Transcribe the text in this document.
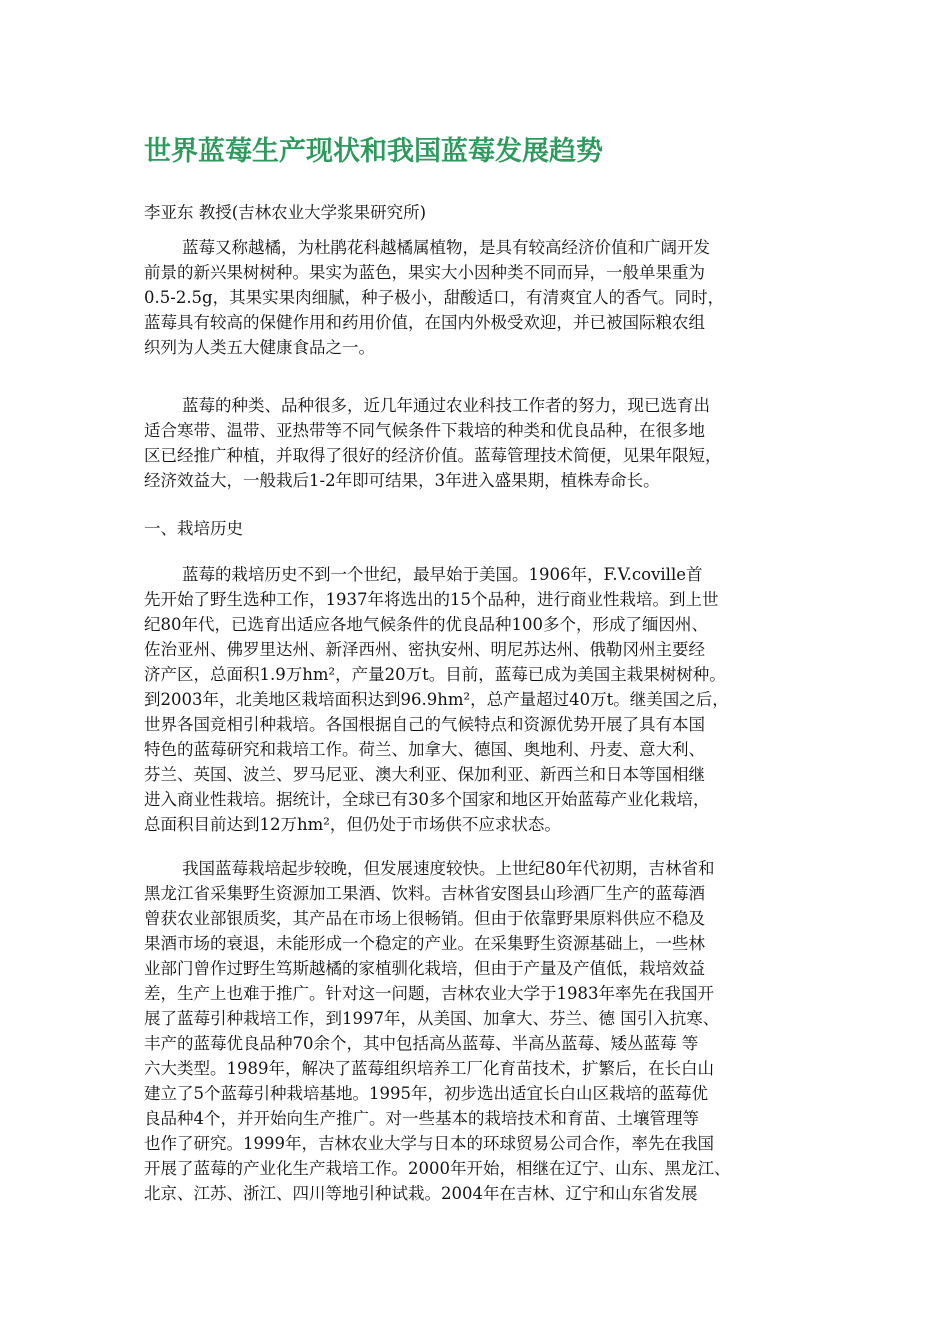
世界蓝莓生产现状和我国蓝莓发展趋势
李亚东 教授(吉林农业大学浆果研究所)
蓝莓又称越橘，为杜鹃花科越橘属植物，是具有较高经济价值和广阔开发
前景的新兴果树树种。果实为蓝色，果实大小因种类不同而异，一般单果重为
0.5-2.5g，其果实果肉细腻，种子极小，甜酸适口，有清爽宜人的香气。同时，
蓝莓具有较高的保健作用和药用价值，在国内外极受欢迎，并已被国际粮农组
织列为人类五大健康食品之一。
蓝莓的种类、品种很多，近几年通过农业科技工作者的努力，现已选育出
适合寒带、温带、亚热带等不同气候条件下栽培的种类和优良品种，在很多地
区已经推广种植，并取得了很好的经济价值。蓝莓管理技术简便，见果年限短，
经济效益大，一般栽后1-2年即可结果，3年进入盛果期，植株寿命长。
一、栽培历史
蓝莓的栽培历史不到一个世纪，最早始于美国。1906年，F.V.coville首
先开始了野生选种工作，1937年将选出的15个品种，进行商业性栽培。到上世
纪80年代，已选育出适应各地气候条件的优良品种100多个，形成了缅因州、
佐治亚州、佛罗里达州、新泽西州、密执安州、明尼苏达州、俄勒冈州主要经
济产区，总面积1.9万hm²，产量20万t。目前，蓝莓已成为美国主栽果树树种。
到2003年，北美地区栽培面积达到96.9hm²，总产量超过40万t。继美国之后，
世界各国竞相引种栽培。各国根据自己的气候特点和资源优势开展了具有本国
特色的蓝莓研究和栽培工作。荷兰、加拿大、德国、奥地利、丹麦、意大利、
芬兰、英国、波兰、罗马尼亚、澳大利亚、保加利亚、新西兰和日本等国相继
进入商业性栽培。据统计，全球已有30多个国家和地区开始蓝莓产业化栽培，
总面积目前达到12万hm²，但仍处于市场供不应求状态。
我国蓝莓栽培起步较晚，但发展速度较快。上世纪80年代初期，吉林省和
黑龙江省采集野生资源加工果酒、饮料。吉林省安图县山珍酒厂生产的蓝莓酒
曾获农业部银质奖，其产品在市场上很畅销。但由于依靠野果原料供应不稳及
果酒市场的衰退，未能形成一个稳定的产业。在采集野生资源基础上，一些林
业部门曾作过野生笃斯越橘的家植驯化栽培，但由于产量及产值低，栽培效益
差，生产上也难于推广。针对这一问题，吉林农业大学于1983年率先在我国开
展了蓝莓引种栽培工作，到1997年，从美国、加拿大、芬兰、德 国引入抗寒、
丰产的蓝莓优良品种70余个，其中包括高丛蓝莓、半高丛蓝莓、矮丛蓝莓 等
六大类型。1989年，解决了蓝莓组织培养工厂化育苗技术，扩繁后，在长白山
建立了5个蓝莓引种栽培基地。1995年，初步选出适宜长白山区栽培的蓝莓优
良品种4个，并开始向生产推广。对一些基本的栽培技术和育苗、土壤管理等
也作了研究。1999年，吉林农业大学与日本的环球贸易公司合作，率先在我国
开展了蓝莓的产业化生产栽培工作。2000年开始，相继在辽宁、山东、黑龙江、
北京、江苏、浙江、四川等地引种试栽。2004年在吉林、辽宁和山东省发展
